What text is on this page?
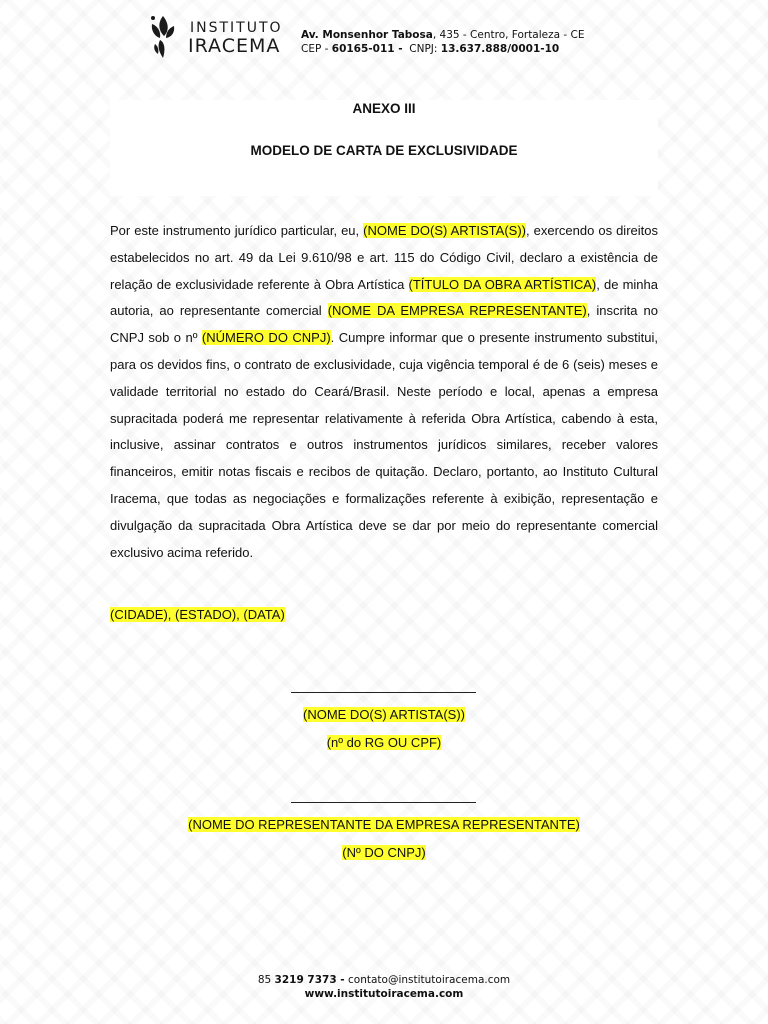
INSTITUTO
IRACEMA Av. Monsenhor Tabosa, 435 - Centro, Fortaleza - CE
CEP - 60165-011 -  CNPJ: 13.637.888/0001-10
ANEXO III
MODELO DE CARTA DE EXCLUSIVIDADE
Por este instrumento jurídico particular, eu, (NOME DO(S) ARTISTA(S)), exercendo os direitos estabelecidos no art. 49 da Lei 9.610/98 e art. 115 do Código Civil, declaro a existência de relação de exclusividade referente à Obra Artística (TÍTULO DA OBRA ARTÍSTICA), de minha autoria, ao representante comercial (NOME DA EMPRESA REPRESENTANTE), inscrita no CNPJ sob o nº (NÚMERO DO CNPJ). Cumpre informar que o presente instrumento substitui, para os devidos fins, o contrato de exclusividade, cuja vigência temporal é de 6 (seis) meses e validade territorial no estado do Ceará/Brasil. Neste período e local, apenas a empresa supracitada poderá me representar relativamente à referida Obra Artística, cabendo à esta, inclusive, assinar contratos e outros instrumentos jurídicos similares, receber valores financeiros, emitir notas fiscais e recibos de quitação. Declaro, portanto, ao Instituto Cultural Iracema, que todas as negociações e formalizações referente à exibição, representação e divulgação da supracitada Obra Artística deve se dar por meio do representante comercial exclusivo acima referido.
(CIDADE), (ESTADO), (DATA)
(NOME DO(S) ARTISTA(S))
(nº do RG OU CPF)
(NOME DO REPRESENTANTE DA EMPRESA REPRESENTANTE)
(Nº DO CNPJ)
85 3219 7373 - contato@institutoiracema.com
www.institutoiracema.com
